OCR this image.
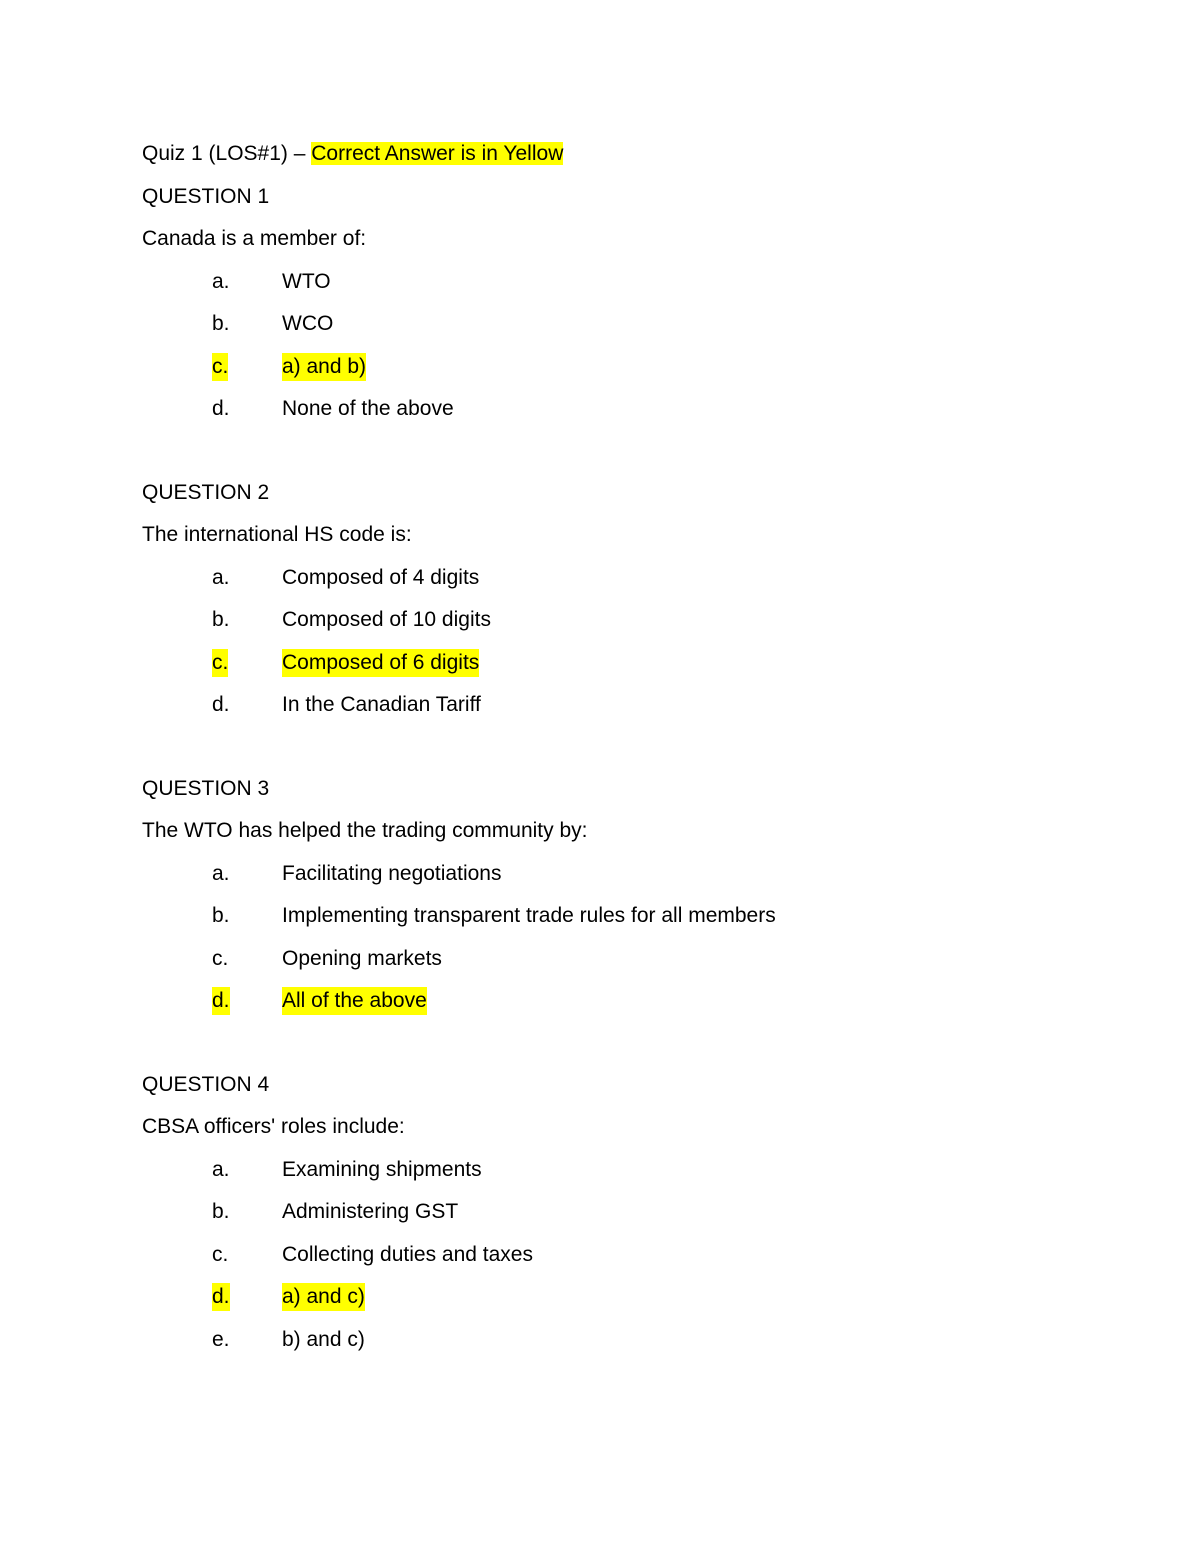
Quiz 1 (LOS#1) – Correct Answer is in Yellow
QUESTION 1
Canada is a member of:
a. WTO
b. WCO
c.	a) and b)
d. None of the above
QUESTION 2
The international HS code is:
a. Composed of 4 digits
b. Composed of 10 digits
c.	Composed of 6 digits
d. In the Canadian Tariff
QUESTION 3
The WTO has helped the trading community by:
a. Facilitating negotiations
b. Implementing transparent trade rules for all members
c.	Opening markets
d. All of the above
QUESTION 4
CBSA officers' roles include:
a. Examining shipments
b. Administering GST
c.	Collecting duties and taxes
d. a) and c)
e. b) and c)
